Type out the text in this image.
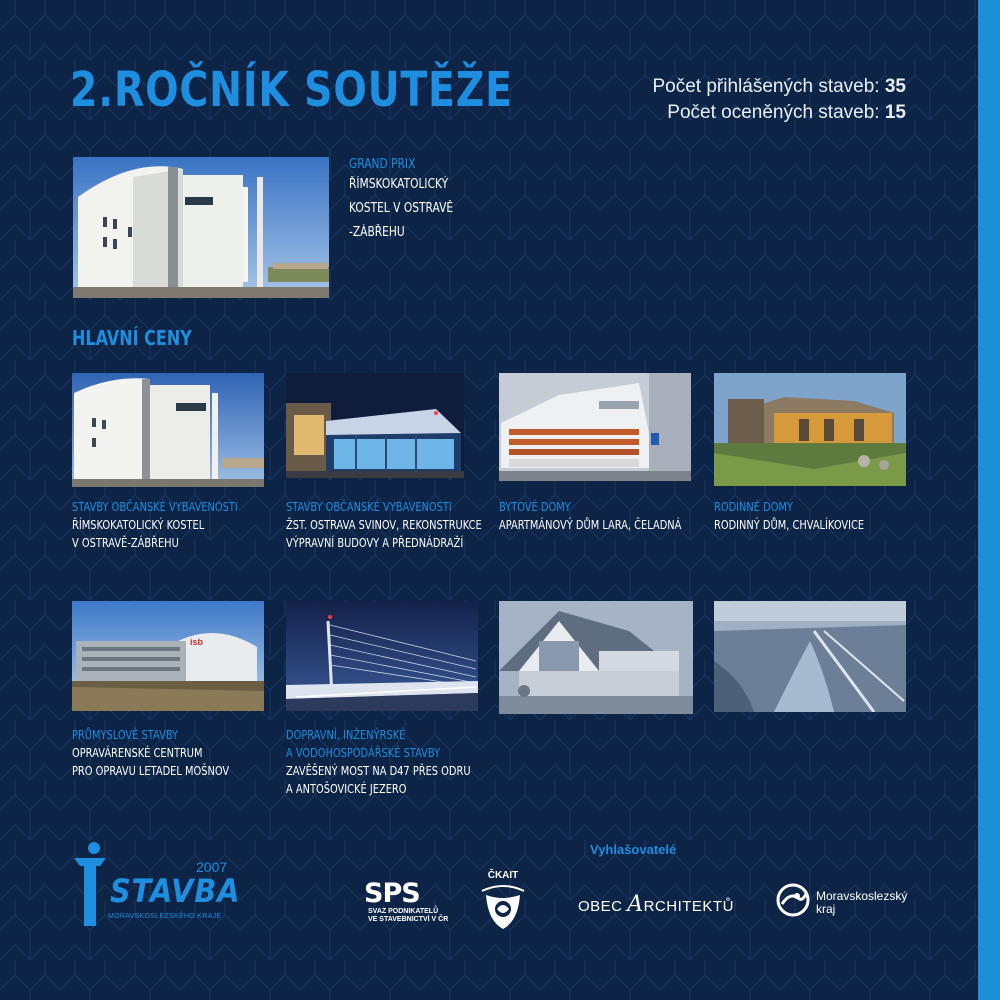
2.ROČNÍK SOUTĚŽE	Počet přihlášených staveb: 35
Počet oceněných staveb: 15
GRAND PRIX
ŘÍMSKOKATOLICKÝ
KOSTEL V OSTRAVĚ
-ZÁBŘEHU
HLAVNÍ CENY
STAVBY OBČANSKÉ VYBAVENOSTI
ŘÍMSKOKATOLICKÝ KOSTEL
V OSTRAVĚ-ZÁBŘEHU
STAVBY OBČANSKÉ VYBAVENOSTI
ŽST. OSTRAVA SVINOV, REKONSTRUKCE
VÝPRAVNÍ BUDOVY A PŘEDNÁDRAŽÍ
BYTOVÉ DOMY
APARTMÁNOVÝ DŮM LARA, ČELADNÁ
RODINNÉ DOMY
RODINNÝ DŮM, CHVALÍKOVICE
isb
PRŮMYSLOVÉ STAVBY
OPRAVÁRENSKÉ CENTRUM
PRO OPRAVU LETADEL MOŠNOV
DOPRAVNÍ, INŽENÝRSKÉ
A VODOHOSPODÁŘSKÉ STAVBY
ZAVĚŠENÝ MOST NA D47 PŘES ODRU
A ANTOŠOVICKÉ JEZERO
2007
STAVBA
MORAVSKOSLEZSKÉHO KRAJE
Vyhlašovatelé
SPS
SVAZ PODNIKATELŮ
VE STAVEBNICTVÍ V ČR
ČKAIT
OBEC ARCHITEKTŮ
Moravskoslezský
kraj
